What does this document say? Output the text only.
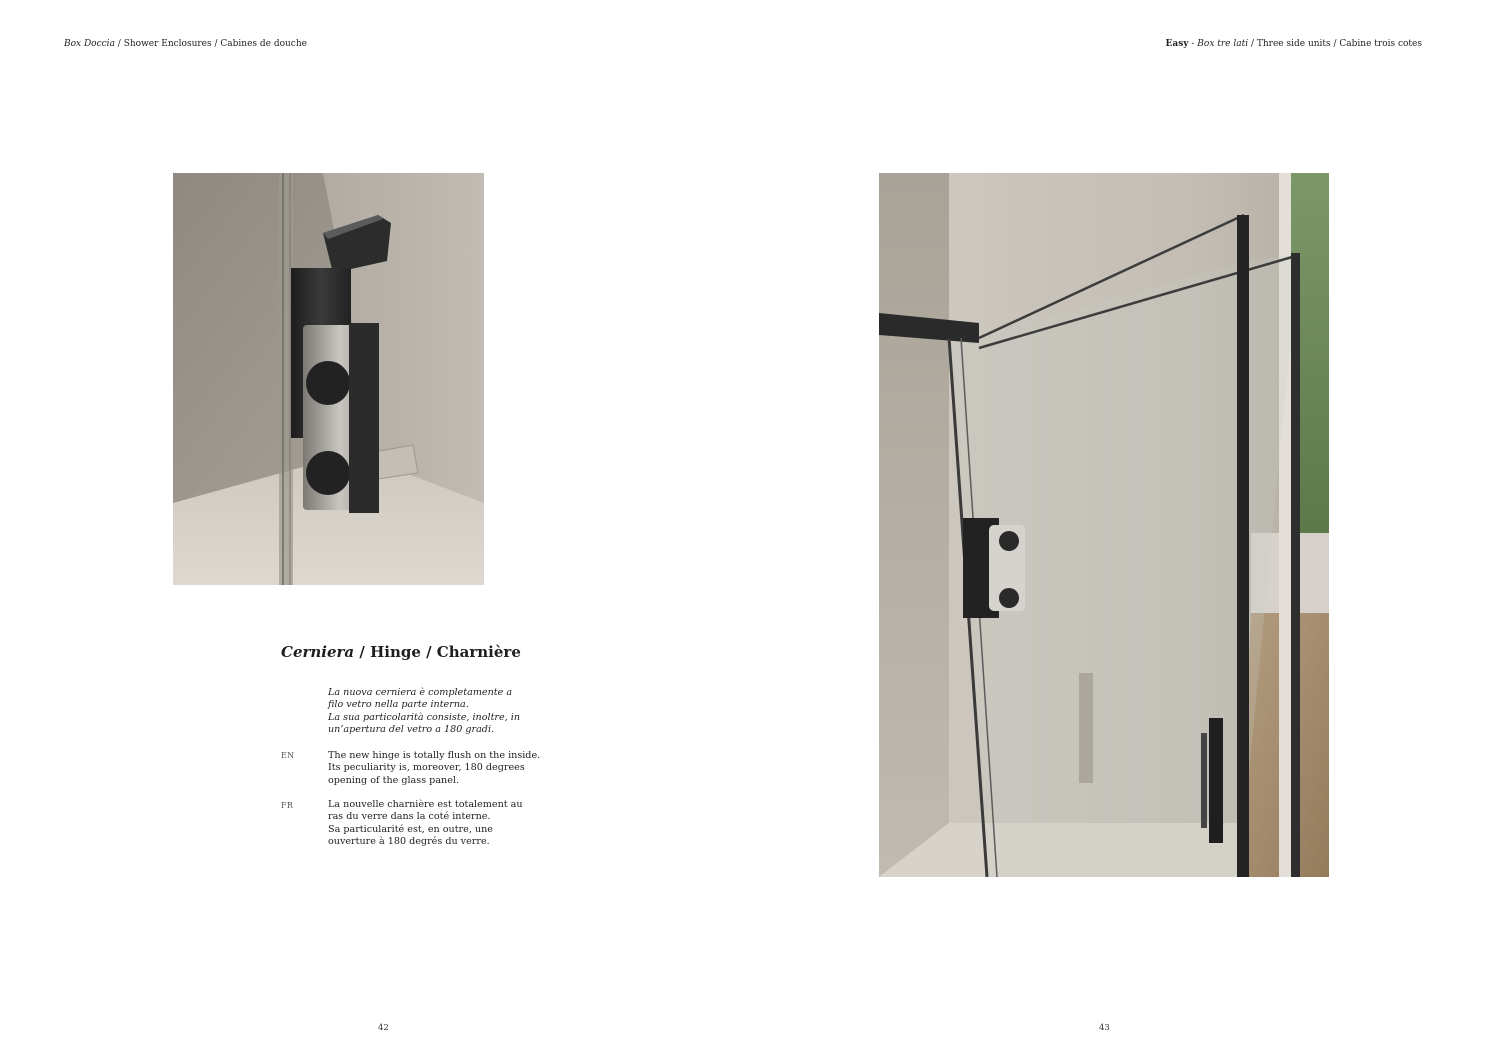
Box Doccia / Shower Enclosures / Cabines de douche	Easy - Box tre lati / Three side units / Cabine trois cotes
Cerniera / Hinge / Charnière
La nuova cerniera è completamente a
filo vetro nella parte interna.
La sua particolarità consiste, inoltre, in
un’apertura del vetro a 180 gradi.
EN	The new hinge is totally flush on the inside.
Its peculiarity is, moreover, 180 degrees
opening of the glass panel.
FR	La nouvelle charnière est totalement au
ras du verre dans la coté interne.
Sa particularité est, en outre, une
ouverture à 180 degrés du verre.
42	43
